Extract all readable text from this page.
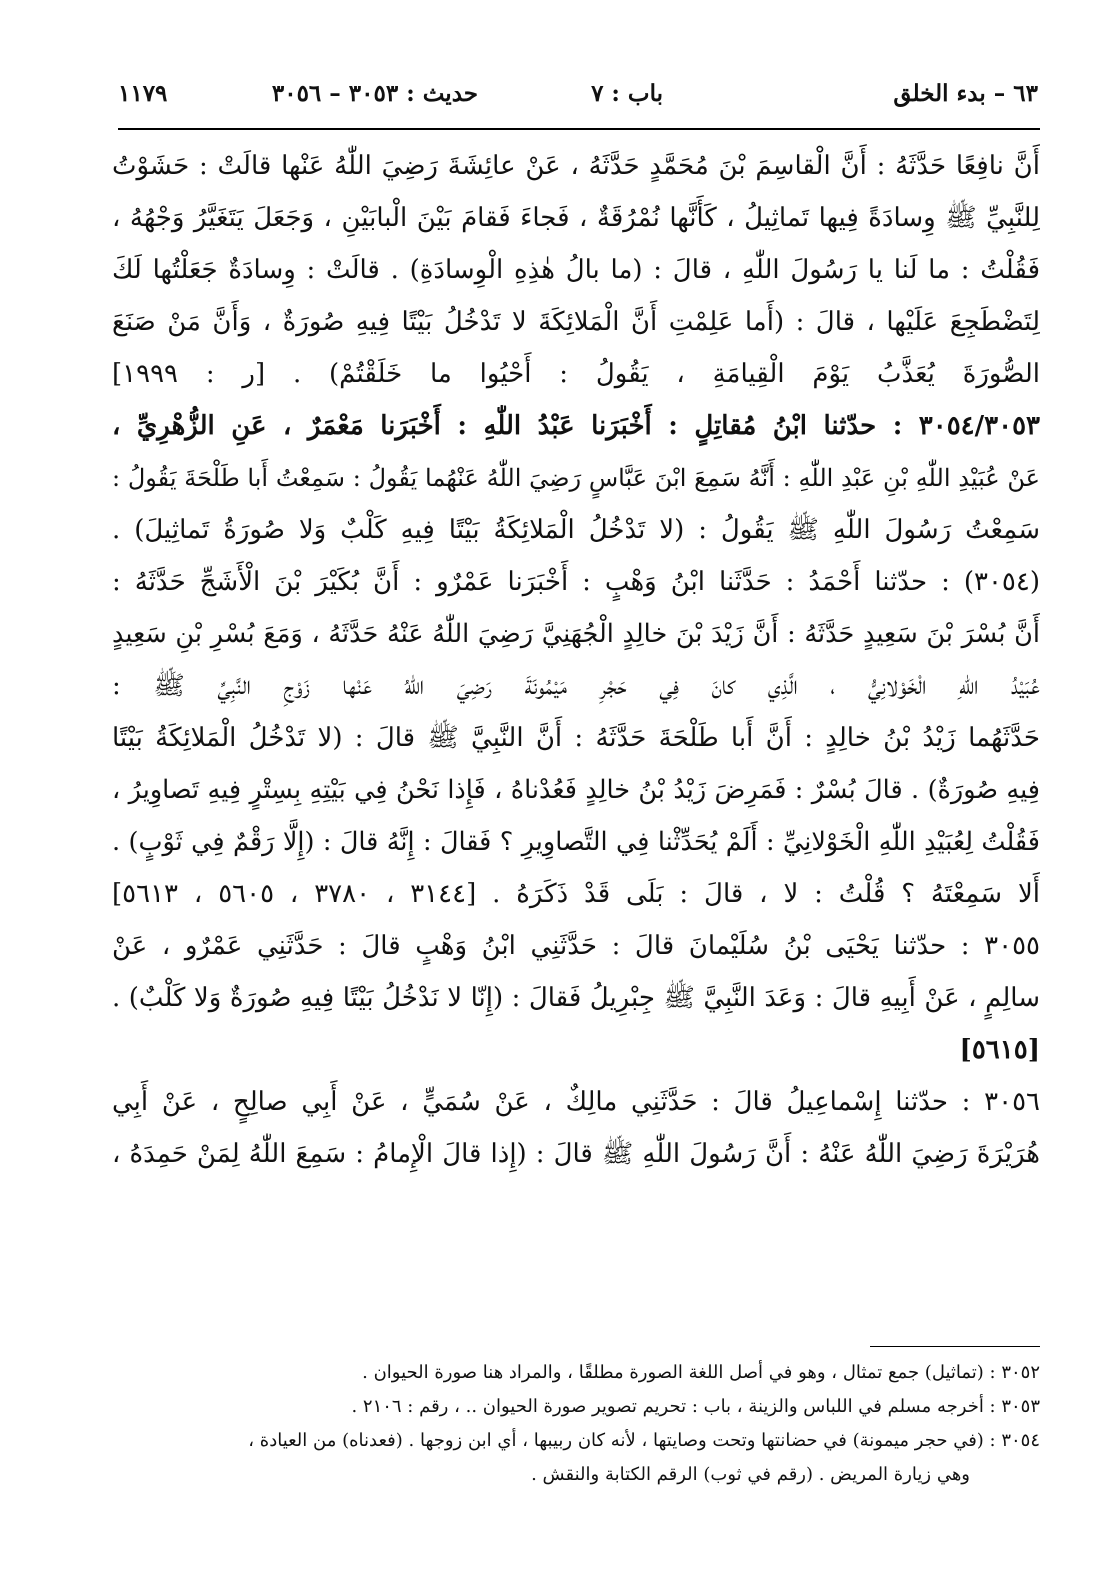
٦٣ – بدء الخلق
باب : ٧
حديث : ٣٠٥٣ – ٣٠٥٦
١١٧٩
أَنَّ نافِعًا حَدَّثَهُ : أَنَّ الْقاسِمَ بْنَ مُحَمَّدٍ حَدَّثَهُ ، عَنْ عائِشَةَ رَضِيَ اللّٰهُ عَنْها قالَتْ : حَشَوْتُ
لِلنَّبِيِّ ﷺ وِسادَةً فِيها تَماثِيلُ ، كَأَنَّها نُمْرُقَةٌ ، فَجاءَ فَقامَ بَيْنَ الْبابَيْنِ ، وَجَعَلَ يَتَغَيَّرُ وَجْهُهُ ،
فَقُلْتُ : ما لَنا يا رَسُولَ اللّٰهِ ، قالَ : (ما بالُ هٰذِهِ الْوِسادَةِ) . قالَتْ : وِسادَةٌ جَعَلْتُها لَكَ
لِتَضْطَجِعَ عَلَيْها ، قالَ : (أَما عَلِمْتِ أَنَّ الْمَلائِكَةَ لا تَدْخُلُ بَيْتًا فِيهِ صُورَةٌ ، وَأَنَّ مَنْ صَنَعَ
الصُّورَةَ يُعَذَّبُ يَوْمَ الْقِيامَةِ ، يَقُولُ : أَحْيُوا ما خَلَقْتُمْ) . [ر : ١٩٩٩]
٣٠٥٤/٣٠٥٣ : حدّثنا ابْنُ مُقاتِلٍ : أَخْبَرَنا عَبْدُ اللّٰهِ : أَخْبَرَنا مَعْمَرٌ ، عَنِ الزُّهْرِيِّ ،
عَنْ عُبَيْدِ اللّٰهِ بْنِ عَبْدِ اللّٰهِ : أَنَّهُ سَمِعَ ابْنَ عَبَّاسٍ رَضِيَ اللّٰهُ عَنْهُما يَقُولُ : سَمِعْتُ أَبا طَلْحَةَ يَقُولُ :
سَمِعْتُ رَسُولَ اللّٰهِ ﷺ يَقُولُ : (لا تَدْخُلُ الْمَلائِكَةُ بَيْتًا فِيهِ كَلْبٌ وَلا صُورَةُ تَماثِيلَ) .
(٣٠٥٤) : حدّثنا أَحْمَدُ : حَدَّثَنا ابْنُ وَهْبٍ : أَخْبَرَنا عَمْرٌو : أَنَّ بُكَيْرَ بْنَ الْأَشَجِّ حَدَّثَهُ :
أَنَّ بُسْرَ بْنَ سَعِيدٍ حَدَّثَهُ : أَنَّ زَيْدَ بْنَ خالِدٍ الْجُهَنِيَّ رَضِيَ اللّٰهُ عَنْهُ حَدَّثَهُ ، وَمَعَ بُسْرِ بْنِ سَعِيدٍ
عُبَيْدُ اللّٰهِ الْخَوْلانِيُّ ، الَّذِي كانَ فِي حَجْرِ مَيْمُونَةَ رَضِيَ اللّٰهُ عَنْها زَوْجِ النَّبِيِّ ﷺ :
حَدَّثَهُما زَيْدُ بْنُ خالِدٍ : أَنَّ أَبا طَلْحَةَ حَدَّثَهُ : أَنَّ النَّبِيَّ ﷺ قالَ : (لا تَدْخُلُ الْمَلائِكَةُ بَيْتًا
فِيهِ صُورَةٌ) . قالَ بُسْرٌ : فَمَرِضَ زَيْدُ بْنُ خالِدٍ فَعُدْناهُ ، فَإِذا نَحْنُ فِي بَيْتِهِ بِسِتْرٍ فِيهِ تَصاوِيرُ ،
فَقُلْتُ لِعُبَيْدِ اللّٰهِ الْخَوْلانِيِّ : أَلَمْ يُحَدِّثْنا فِي التَّصاوِيرِ ؟ فَقالَ : إِنَّهُ قالَ : (إِلَّا رَقْمٌ فِي ثَوْبٍ) .
أَلا سَمِعْتَهُ ؟ قُلْتُ : لا ، قالَ : بَلَى قَدْ ذَكَرَهُ . [٣١٤٤ ، ٣٧٨٠ ، ٥٦٠٥ ، ٥٦١٣]
٣٠٥٥ : حدّثنا يَحْيَى بْنُ سُلَيْمانَ قالَ : حَدَّثَنِي ابْنُ وَهْبٍ قالَ : حَدَّثَنِي عَمْرٌو ، عَنْ
سالِمٍ ، عَنْ أَبِيهِ قالَ : وَعَدَ النَّبِيَّ ﷺ جِبْرِيلُ فَقالَ : (إِنّا لا نَدْخُلُ بَيْتًا فِيهِ صُورَةٌ وَلا كَلْبٌ) .
[٥٦١٥]
٣٠٥٦ : حدّثنا إِسْماعِيلُ قالَ : حَدَّثَنِي مالِكٌ ، عَنْ سُمَيٍّ ، عَنْ أَبِي صالِحٍ ، عَنْ أَبِي
هُرَيْرَةَ رَضِيَ اللّٰهُ عَنْهُ : أَنَّ رَسُولَ اللّٰهِ ﷺ قالَ : (إِذا قالَ الْإِمامُ : سَمِعَ اللّٰهُ لِمَنْ حَمِدَهُ ،
٣٠٥٢ : (تماثيل) جمع تمثال ، وهو في أصل اللغة الصورة مطلقًا ، والمراد هنا صورة الحيوان .
٣٠٥٣ : أخرجه مسلم في اللباس والزينة ، باب : تحريم تصوير صورة الحيوان .. ، رقم : ٢١٠٦ .
٣٠٥٤ : (في حجر ميمونة) في حضانتها وتحت وصايتها ، لأنه كان ربيبها ، أي ابن زوجها . (فعدناه) من العيادة ،
وهي زيارة المريض . (رقم في ثوب) الرقم الكتابة والنقش .
